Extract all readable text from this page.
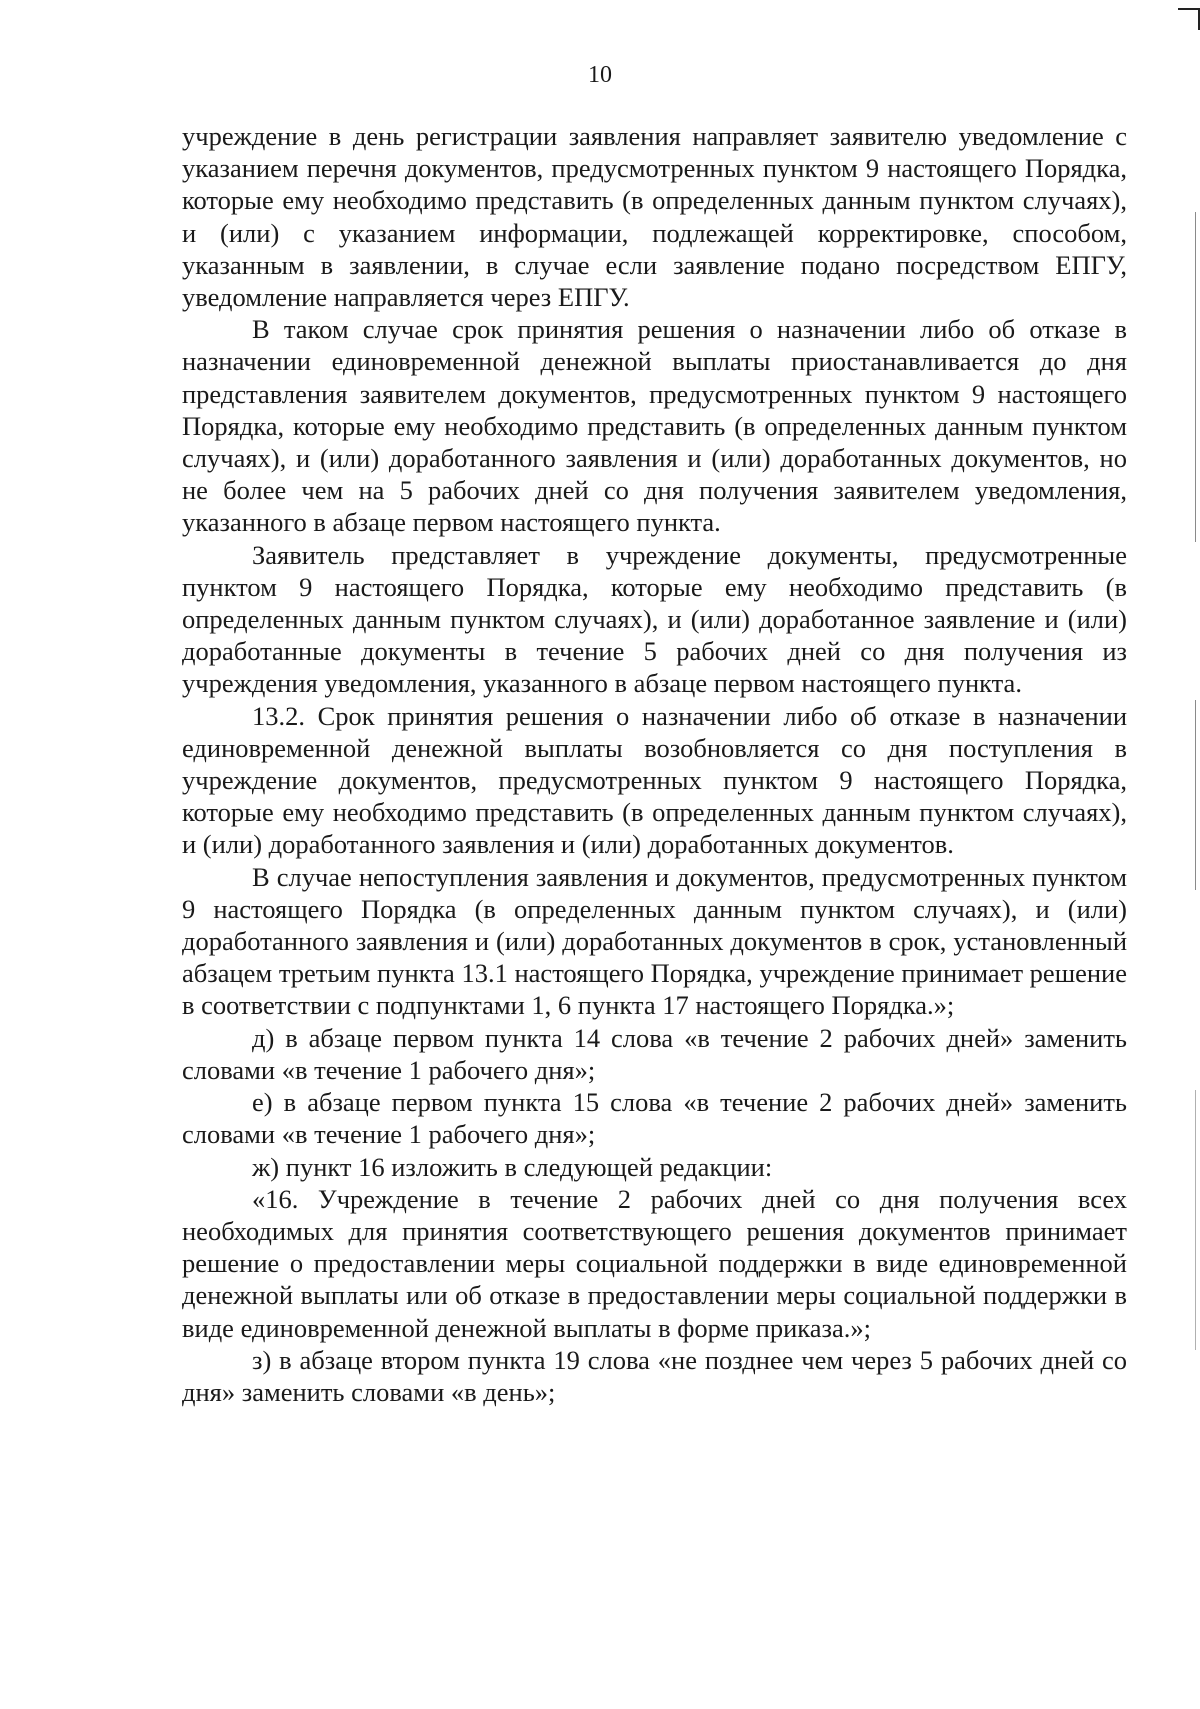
10

учреждение в день регистрации заявления направляет заявителю уведомление с указанием перечня документов, предусмотренных пунктом 9 настоящего Порядка, которые ему необходимо представить (в определенных данным пунктом случаях), и (или) с указанием информации, подлежащей корректировке, способом, указанным в заявлении, в случае если заявление подано посредством ЕПГУ, уведомление направляется через ЕПГУ.

В таком случае срок принятия решения о назначении либо об отказе в назначении единовременной денежной выплаты приостанавливается до дня представления заявителем документов, предусмотренных пунктом 9 настоящего Порядка, которые ему необходимо представить (в определенных данным пунктом случаях), и (или) доработанного заявления и (или) доработанных документов, но не более чем на 5 рабочих дней со дня получения заявителем уведомления, указанного в абзаце первом настоящего пункта.

Заявитель представляет в учреждение документы, предусмотренные пунктом 9 настоящего Порядка, которые ему необходимо представить (в определенных данным пунктом случаях), и (или) доработанное заявление и (или) доработанные документы в течение 5 рабочих дней со дня получения из учреждения уведомления, указанного в абзаце первом настоящего пункта.

13.2. Срок принятия решения о назначении либо об отказе в назначении единовременной денежной выплаты возобновляется со дня поступления в учреждение документов, предусмотренных пунктом 9 настоящего Порядка, которые ему необходимо представить (в определенных данным пунктом случаях), и (или) доработанного заявления и (или) доработанных документов.

В случае непоступления заявления и документов, предусмотренных пунктом 9 настоящего Порядка (в определенных данным пунктом случаях), и (или) доработанного заявления и (или) доработанных документов в срок, установленный абзацем третьим пункта 13.1 настоящего Порядка, учреждение принимает решение в соответствии с подпунктами 1, 6 пункта 17 настоящего Порядка.»;

д) в абзаце первом пункта 14 слова «в течение 2 рабочих дней» заменить словами «в течение 1 рабочего дня»;

е) в абзаце первом пункта 15 слова «в течение 2 рабочих дней» заменить словами «в течение 1 рабочего дня»;

ж) пункт 16 изложить в следующей редакции:

«16. Учреждение в течение 2 рабочих дней со дня получения всех необходимых для принятия соответствующего решения документов принимает решение о предоставлении меры социальной поддержки в виде единовременной денежной выплаты или об отказе в предоставлении меры социальной поддержки в виде единовременной денежной выплаты в форме приказа.»;

з) в абзаце втором пункта 19 слова «не позднее чем через 5 рабочих дней со дня» заменить словами «в день»;
